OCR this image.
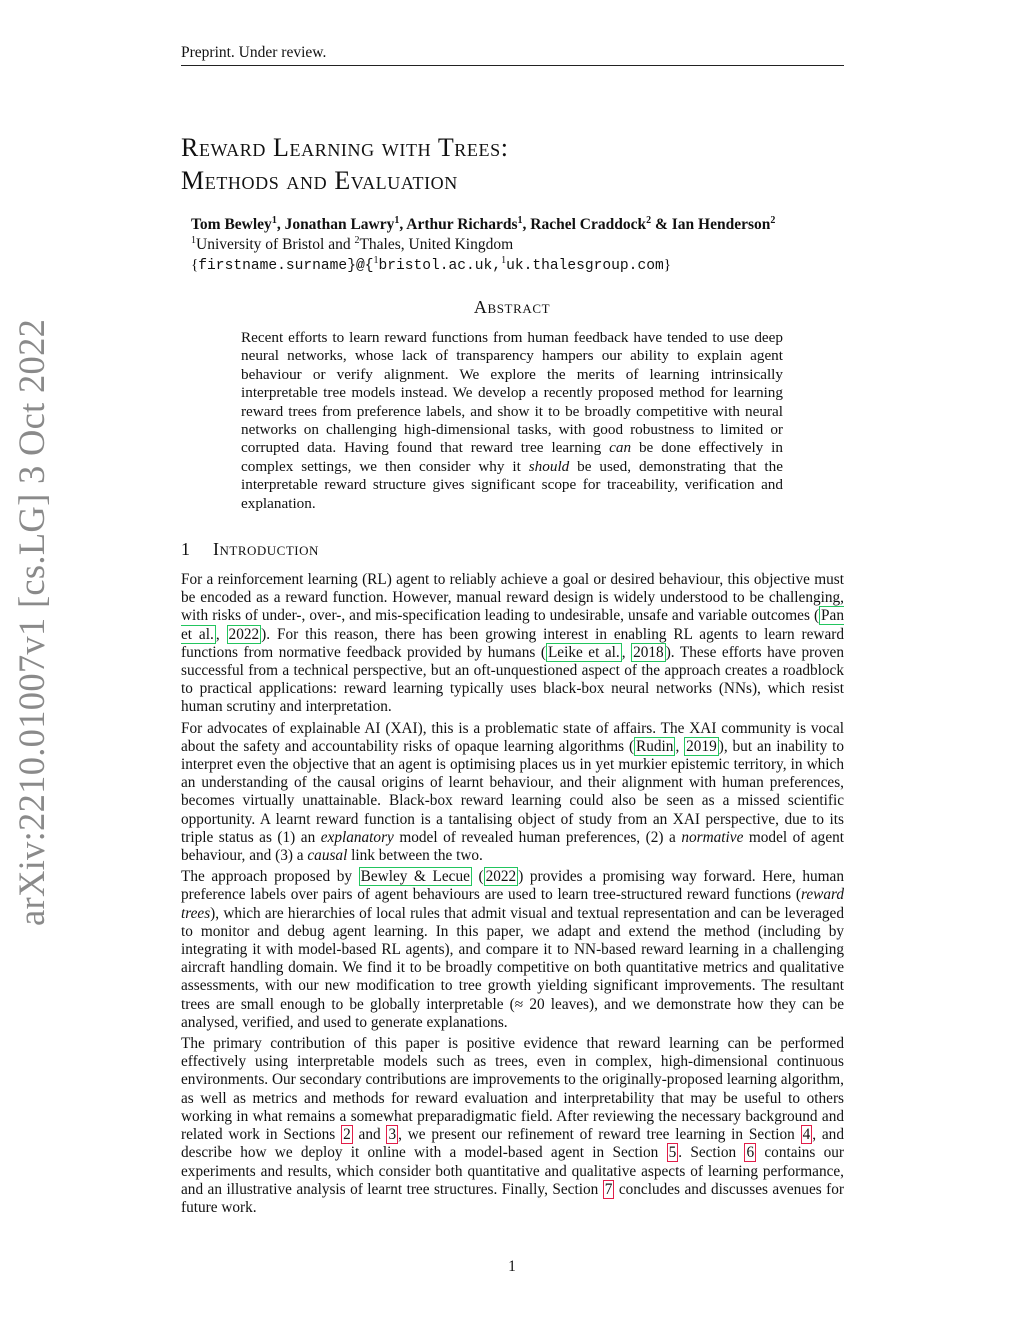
Preprint. Under review.
arXiv:2210.01007v1 [cs.LG] 3 Oct 2022
Reward Learning with Trees:
Methods and Evaluation
Tom Bewley$^1$, Jonathan Lawry$^1$, Arthur Richards$^1$, Rachel Craddock$^2$ & Ian Henderson$^2$
$^1$University of Bristol and $^2$Thales, United Kingdom
{firstname.surname}@{$^1$bristol.ac.uk,$^1$uk.thalesgroup.com}
Abstract
Recent efforts to learn reward functions from human feedback have tended to use deep neural networks, whose lack of transparency hampers our ability to explain agent behaviour or verify alignment. We explore the merits of learning intrinsically interpretable tree models instead. We develop a recently proposed method for learning reward trees from preference labels, and show it to be broadly competitive with neural networks on challenging high-dimensional tasks, with good robustness to limited or corrupted data. Having found that reward tree learning can be done effectively in complex settings, we then consider why it should be used, demonstrating that the interpretable reward structure gives significant scope for traceability, verification and explanation.
1 Introduction

For a reinforcement learning (RL) agent to reliably achieve a goal or desired behaviour, this objective must be encoded as a reward function. However, manual reward design is widely understood to be challenging, with risks of under-, over-, and mis-specification leading to undesirable, unsafe and variable outcomes ( Pan et al. , 2022 ). For this reason, there has been growing interest in enabling RL agents to learn reward functions from normative feedback provided by humans ( Leike et al. , 2018 ). These efforts have proven successful from a technical perspective, but an oft-unquestioned aspect of the approach creates a roadblock to practical applications: reward learning typically uses black-box neural networks (NNs), which resist human scrutiny and interpretation.

For advocates of explainable AI (XAI), this is a problematic state of affairs. The XAI community is vocal about the safety and accountability risks of opaque learning algorithms ( Rudin , 2019 ), but an inability to interpret even the objective that an agent is optimising places us in yet murkier epistemic territory, in which an understanding of the causal origins of learnt behaviour, and their alignment with human preferences, becomes virtually unattainable. Black-box reward learning could also be seen as a missed scientific opportunity. A learnt reward function is a tantalising object of study from an XAI perspective, due to its triple status as (1) an explanatory model of revealed human preferences, (2) a normative model of agent behaviour, and (3) a causal link between the two.

The approach proposed by Bewley & Lecue ( 2022 ) provides a promising way forward. Here, human preference labels over pairs of agent behaviours are used to learn tree-structured reward functions (reward trees), which are hierarchies of local rules that admit visual and textual representation and can be leveraged to monitor and debug agent learning. In this paper, we adapt and extend the method (including by integrating it with model-based RL agents), and compare it to NN-based reward learning in a challenging aircraft handling domain. We find it to be broadly competitive on both quantitative metrics and qualitative assessments, with our new modification to tree growth yielding significant improvements. The resultant trees are small enough to be globally interpretable (≈ 20 leaves), and we demonstrate how they can be analysed, verified, and used to generate explanations.

The primary contribution of this paper is positive evidence that reward learning can be performed effectively using interpretable models such as trees, even in complex, high-dimensional continuous environments. Our secondary contributions are improvements to the originally-proposed learning algorithm, as well as metrics and methods for reward evaluation and interpretability that may be useful to others working in what remains a somewhat preparadigmatic field. After reviewing the necessary background and related work in Sections 2 and 3 , we present our refinement of reward tree learning in Section 4 , and describe how we deploy it online with a model-based agent in Section 5 . Section 6 contains our experiments and results, which consider both quantitative and qualitative aspects of learning performance, and an illustrative analysis of learnt tree structures. Finally, Section 7 concludes and discusses avenues for future work.

1
